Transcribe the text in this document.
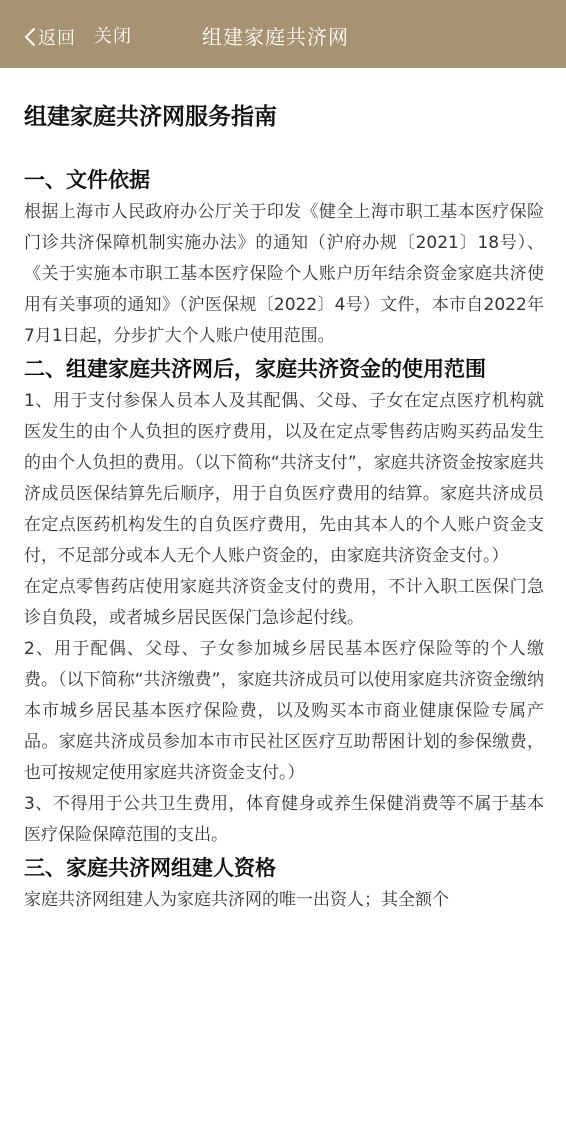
返回 关闭	组建家庭共济网
组建家庭共济网服务指南
一、文件依据

根据上海市人民政府办公厅关于印发《健全上海市职工基本医疗保险门诊共济保障机制实施办法》的通知（沪府办规〔2021〕18号）、《关于实施本市职工基本医疗保险个人账户历年结余资金家庭共济使用有关事项的通知》（沪医保规〔2022〕4号）文件，本市自2022年7月1日起，分步扩大个人账户使用范围。

二、组建家庭共济网后，家庭共济资金的使用范围

1、用于支付参保人员本人及其配偶、父母、子女在定点医疗机构就医发生的由个人负担的医疗费用，以及在定点零售药店购买药品发生的由个人负担的费用。（以下简称“共济支付”，家庭共济资金按家庭共济成员医保结算先后顺序，用于自负医疗费用的结算。家庭共济成员在定点医药机构发生的自负医疗费用，先由其本人的个人账户资金支付，不足部分或本人无个人账户资金的，由家庭共济资金支付。）

在定点零售药店使用家庭共济资金支付的费用，不计入职工医保门急诊自负段，或者城乡居民医保门急诊起付线。

2、用于配偶、父母、子女参加城乡居民基本医疗保险等的个人缴费。（以下简称“共济缴费”，家庭共济成员可以使用家庭共济资金缴纳本市城乡居民基本医疗保险费，以及购买本市商业健康保险专属产品。家庭共济成员参加本市市民社区医疗互助帮困计划的参保缴费，也可按规定使用家庭共济资金支付。）

3、不得用于公共卫生费用，体育健身或养生保健消费等不属于基本医疗保险保障范围的支出。

三、家庭共济网组建人资格

家庭共济网组建人为家庭共济网的唯一出资人；其全额个
